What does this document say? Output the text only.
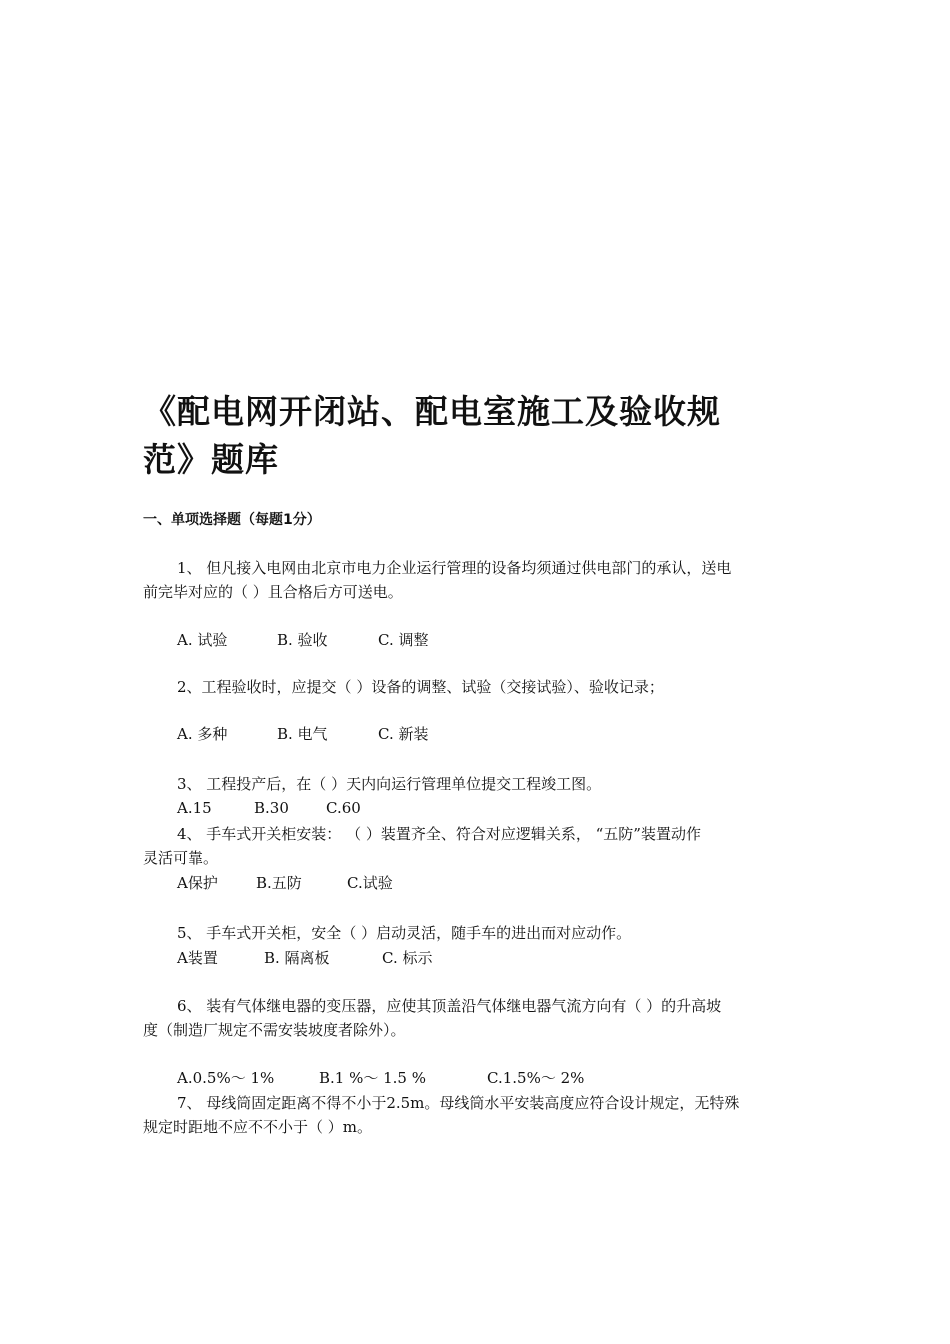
《配电网开闭站、配电室施工及验收规
范》题库
一、单项选择题（每题1分）
1、 但凡接入电网由北京市电力企业运行管理的设备均须通过供电部门的承认，送电
前完毕对应的（ ）且合格后方可送电。
A. 试验	B. 验收	C. 调整
2、工程验收时，应提交（ ）设备的调整、试验（交接试验）、验收记录；
A. 多种	B. 电气	C. 新装
3、 工程投产后，在（ ）天内向运行管理单位提交工程竣工图。
A.15	B.30 C.60
4、 手车式开关柜安装： （ ）装置齐全、符合对应逻辑关系， “五防”装置动作
灵活可靠。
A保护	B.五防	C.试验
5、 手车式开关柜，安全（ ）启动灵活，随手车的进出而对应动作。
A装置	B. 隔离板	C. 标示
6、 装有气体继电器的变压器，应使其顶盖沿气体继电器气流方向有（ ）的升高坡
度（制造厂规定不需安装坡度者除外）。
A.0.5%～ 1%	B.1 %～ 1.5 %	C.1.5%～ 2%
7、 母线筒固定距离不得不小于2.5m。母线筒水平安装高度应符合设计规定，无特殊
规定时距地不应不不小于（ ）m。
